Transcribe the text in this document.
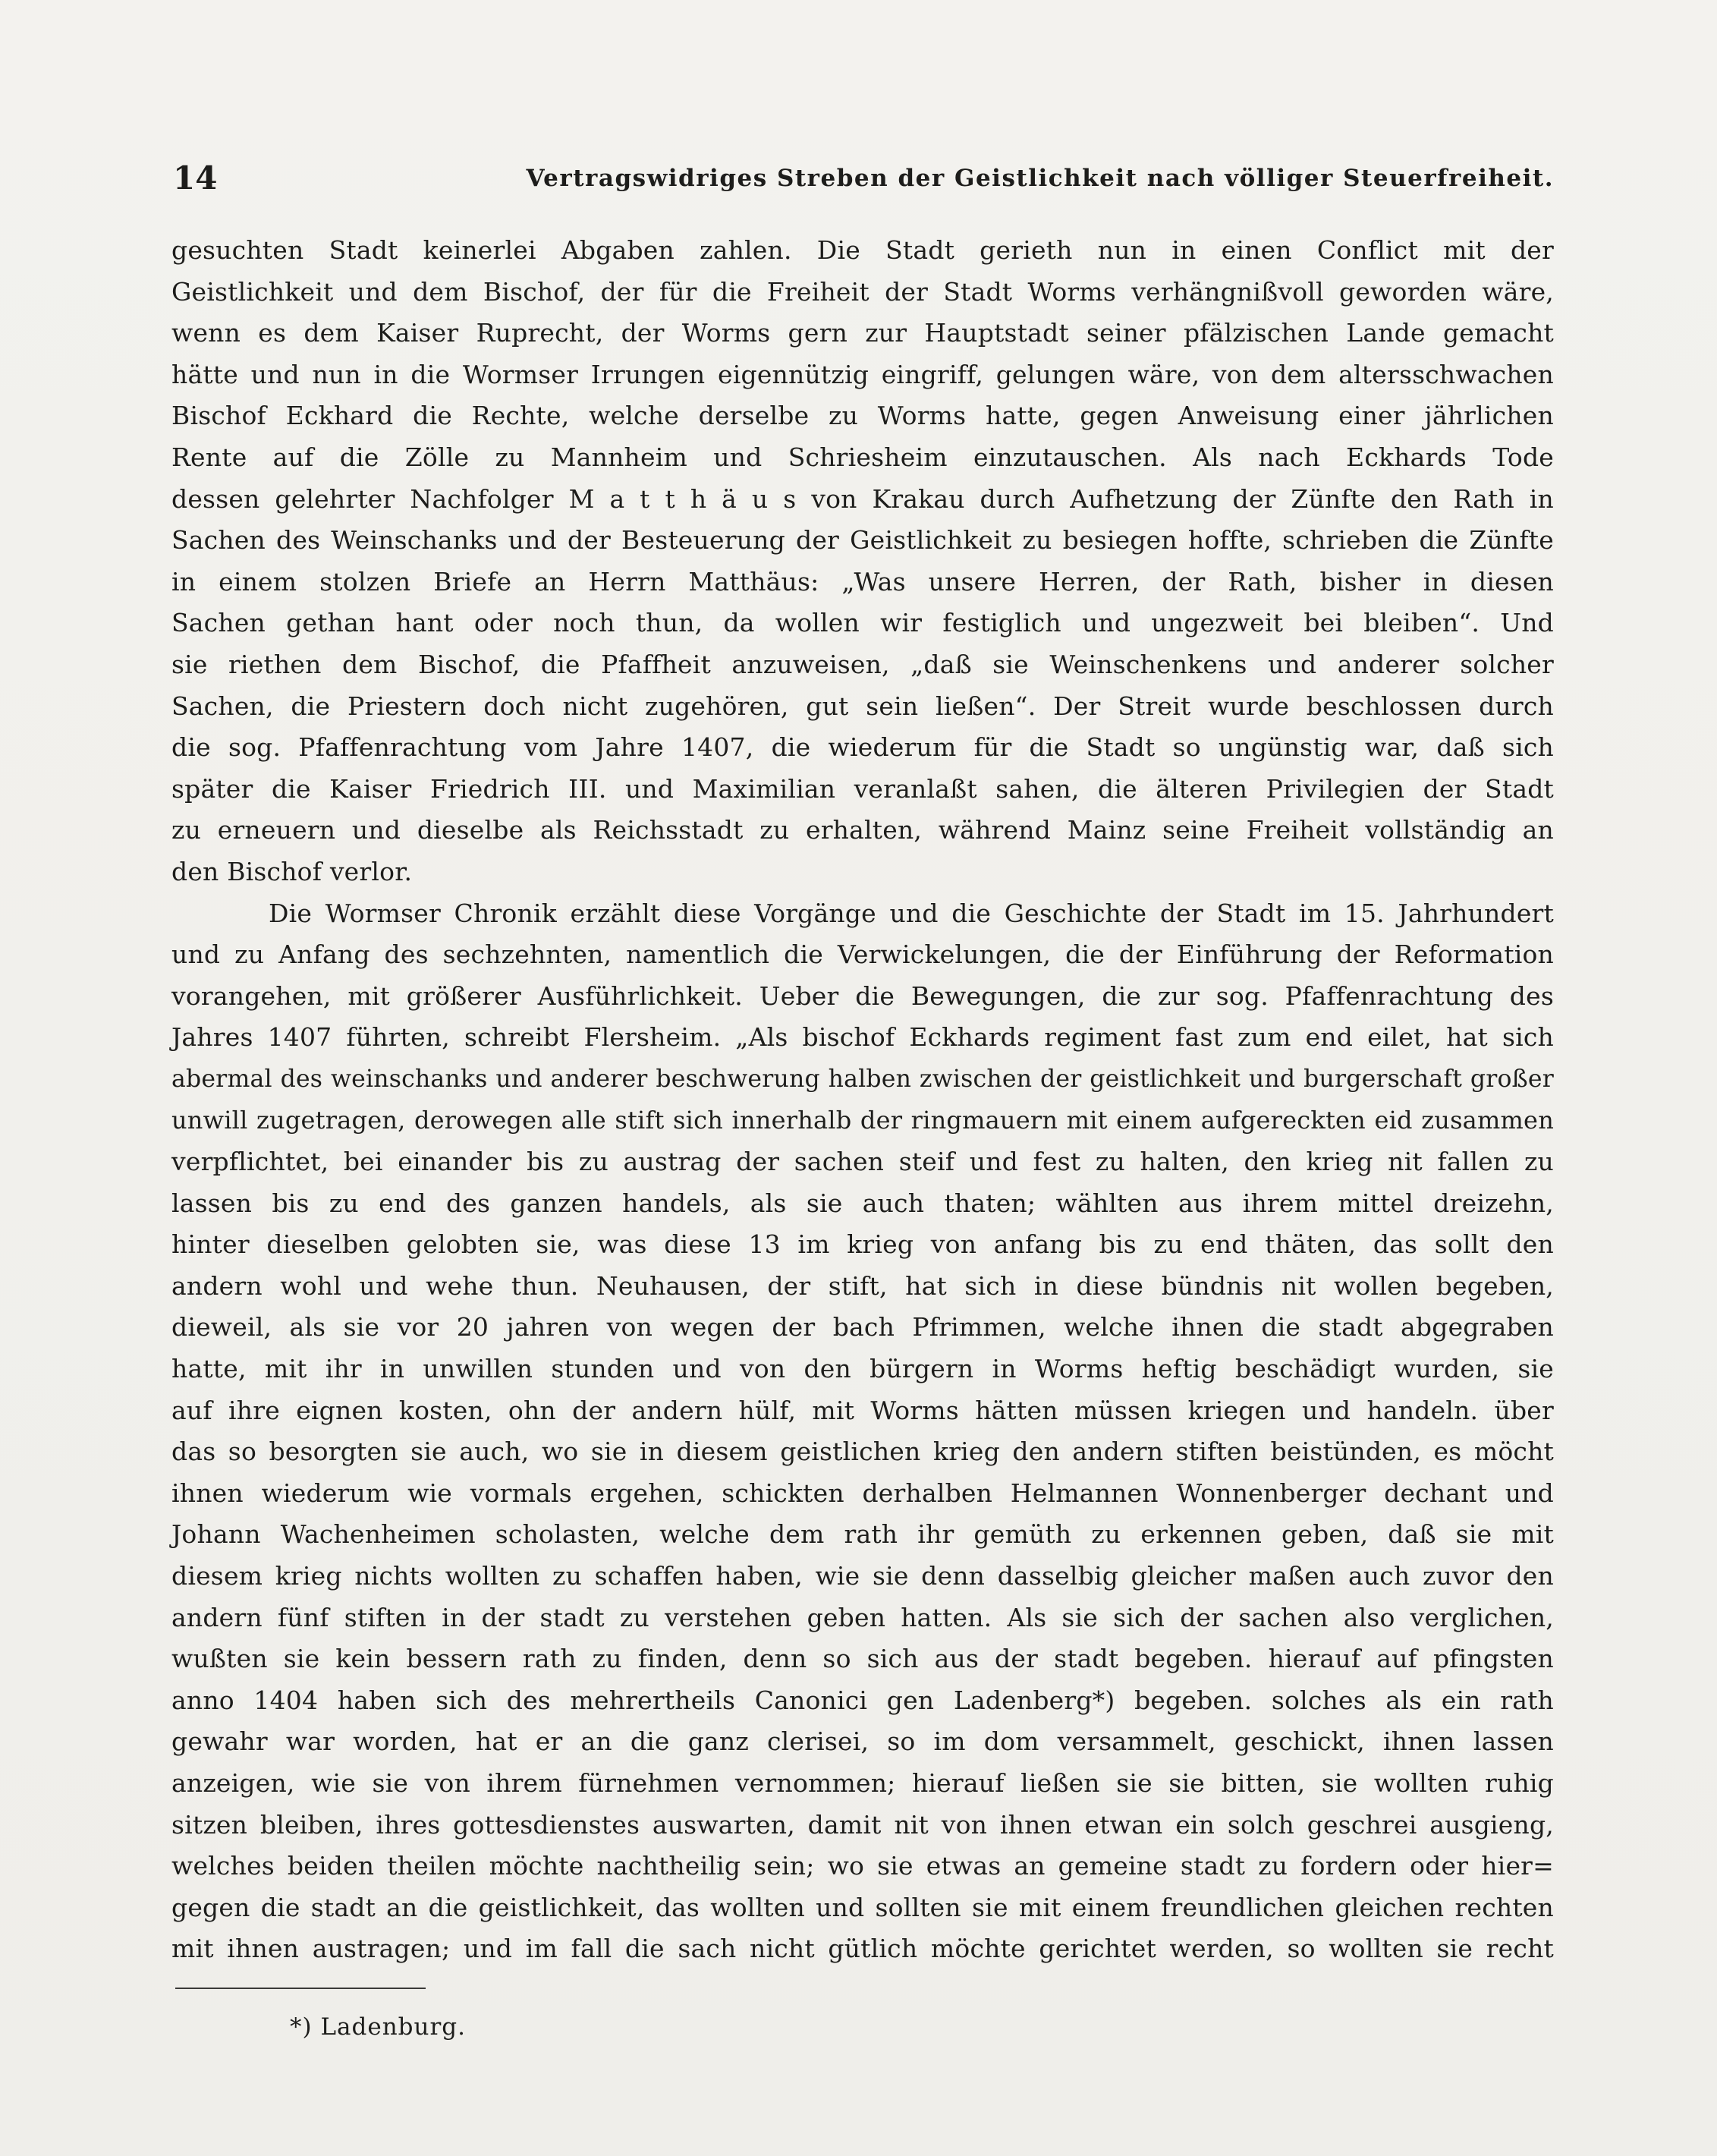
14	Vertragswidriges Streben der Geistlichkeit nach völliger Steuerfreiheit.
gesuchten Stadt keinerlei Abgaben zahlen. Die Stadt gerieth nun in einen Conflict mit der
Geistlichkeit und dem Bischof, der für die Freiheit der Stadt Worms verhängnißvoll geworden wäre,
wenn es dem Kaiser Ruprecht, der Worms gern zur Hauptstadt seiner pfälzischen Lande gemacht
hätte und nun in die Wormser Irrungen eigennützig eingriff, gelungen wäre, von dem altersschwachen
Bischof Eckhard die Rechte, welche derselbe zu Worms hatte, gegen Anweisung einer jährlichen
Rente auf die Zölle zu Mannheim und Schriesheim einzutauschen. Als nach Eckhards Tode
dessen gelehrter Nachfolger M a t t h ä u s von Krakau durch Aufhetzung der Zünfte den Rath in
Sachen des Weinschanks und der Besteuerung der Geistlichkeit zu besiegen hoffte, schrieben die Zünfte
in einem stolzen Briefe an Herrn Matthäus: „Was unsere Herren, der Rath, bisher in diesen
Sachen gethan hant oder noch thun, da wollen wir festiglich und ungezweit bei bleiben“. Und
sie riethen dem Bischof, die Pfaffheit anzuweisen, „daß sie Weinschenkens und anderer solcher
Sachen, die Priestern doch nicht zugehören, gut sein ließen“. Der Streit wurde beschlossen durch
die sog. Pfaffenrachtung vom Jahre 1407, die wiederum für die Stadt so ungünstig war, daß sich
später die Kaiser Friedrich III. und Maximilian veranlaßt sahen, die älteren Privilegien der Stadt
zu erneuern und dieselbe als Reichsstadt zu erhalten, während Mainz seine Freiheit vollständig an
den Bischof verlor.
Die Wormser Chronik erzählt diese Vorgänge und die Geschichte der Stadt im 15. Jahrhundert
und zu Anfang des sechzehnten, namentlich die Verwickelungen, die der Einführung der Reformation
vorangehen, mit größerer Ausführlichkeit. Ueber die Bewegungen, die zur sog. Pfaffenrachtung des
Jahres 1407 führten, schreibt Flersheim. „Als bischof Eckhards regiment fast zum end eilet, hat sich
abermal des weinschanks und anderer beschwerung halben zwischen der geistlichkeit und burgerschaft großer
unwill zugetragen, derowegen alle stift sich innerhalb der ringmauern mit einem aufgereckten eid zusammen
verpflichtet, bei einander bis zu austrag der sachen steif und fest zu halten, den krieg nit fallen zu
lassen bis zu end des ganzen handels, als sie auch thaten; wählten aus ihrem mittel dreizehn,
hinter dieselben gelobten sie, was diese 13 im krieg von anfang bis zu end thäten, das sollt den
andern wohl und wehe thun. Neuhausen, der stift, hat sich in diese bündnis nit wollen begeben,
dieweil, als sie vor 20 jahren von wegen der bach Pfrimmen, welche ihnen die stadt abgegraben
hatte, mit ihr in unwillen stunden und von den bürgern in Worms heftig beschädigt wurden, sie
auf ihre eignen kosten, ohn der andern hülf, mit Worms hätten müssen kriegen und handeln. über
das so besorgten sie auch, wo sie in diesem geistlichen krieg den andern stiften beistünden, es möcht
ihnen wiederum wie vormals ergehen, schickten derhalben Helmannen Wonnenberger dechant und
Johann Wachenheimen scholasten, welche dem rath ihr gemüth zu erkennen geben, daß sie mit
diesem krieg nichts wollten zu schaffen haben, wie sie denn dasselbig gleicher maßen auch zuvor den
andern fünf stiften in der stadt zu verstehen geben hatten. Als sie sich der sachen also verglichen,
wußten sie kein bessern rath zu finden, denn so sich aus der stadt begeben. hierauf auf pfingsten
anno 1404 haben sich des mehrertheils Canonici gen Ladenberg*) begeben. solches als ein rath
gewahr war worden, hat er an die ganz clerisei, so im dom versammelt, geschickt, ihnen lassen
anzeigen, wie sie von ihrem fürnehmen vernommen; hierauf ließen sie sie bitten, sie wollten ruhig
sitzen bleiben, ihres gottesdienstes auswarten, damit nit von ihnen etwan ein solch geschrei ausgieng,
welches beiden theilen möchte nachtheilig sein; wo sie etwas an gemeine stadt zu fordern oder hier=
gegen die stadt an die geistlichkeit, das wollten und sollten sie mit einem freundlichen gleichen rechten
mit ihnen austragen; und im fall die sach nicht gütlich möchte gerichtet werden, so wollten sie recht
*) Ladenburg.
